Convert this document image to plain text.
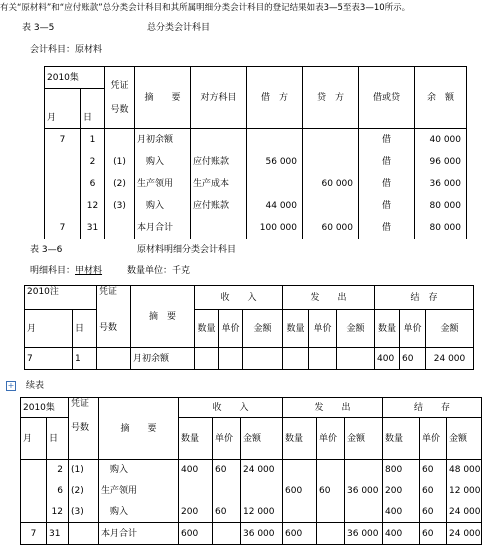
有关“原材料”和“应付账款”总分类会计科目和其所属明细分类会计科目的登记结果如表3—5至表3—10所示。
表 3—5	总分类会计科目
会计科目：原材料
2010集		凭证

号数	摘　　要	对方科目	借　方	贷　方	借或贷	余　额
月	日							
7	1		月初余额				借	40 000
	2	(1)	　购入	应付账款	56 000		借	96 000
	6	(2)	生产领用	生产成本		60 000	借	36 000
	12	(3)	　购入	应付账款	44 000		借	80 000
7	31		本月合计		100 000	60 000	借	80 000
表 3—6	原材料明细分类会计科目
明细科目：甲材料	数量单位：千克
2010注		凭证

号数	摘　要	收　　入			发　　出			结　存		
月	日			数量	单价	金额	数量	单价	金额	数量	单价	金额
7	1		月初余额							400	60	24 000
+ 续表
2010集		凭证

号数	摘　　要	收　　入			发　　出			结　　存		
月	日			数量	单价	金额	数量	单价	金额	数量	单价	金额
	2	(1)	　购入	400	60	24 000				800	60	48 000
	6	(2)	生产领用				600	60	36 000	200	60	12 000
	12	(3)	　购入	200	60	12 000				400	60	24 000
7	31		本月合计	600		36 000	600		36 000	400	60	24 000
